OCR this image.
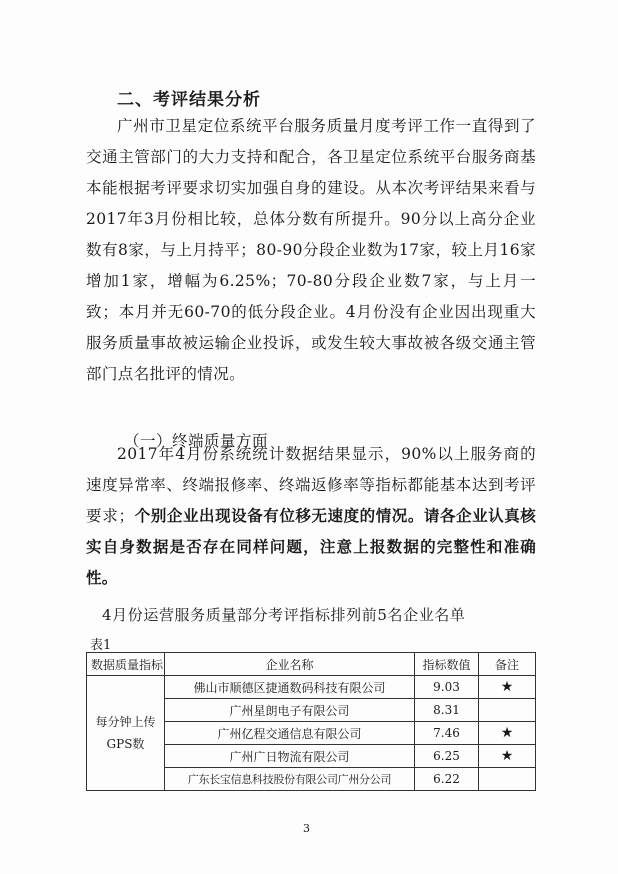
二、考评结果分析

广州市卫星定位系统平台服务质量月度考评工作一直得到了交通主管部门的大力支持和配合，各卫星定位系统平台服务商基本能根据考评要求切实加强自身的建设。从本次考评结果来看与2017年3月份相比较，总体分数有所提升。90分以上高分企业数有8家，与上月持平；80-90分段企业数为17家，较上月16家增加1家，增幅为6.25%；70-80分段企业数7家，与上月一致；本月并无60-70的低分段企业。4月份没有企业因出现重大服务质量事故被运输企业投诉，或发生较大事故被各级交通主管部门点名批评的情况。

（一）终端质量方面

2017年4月份系统统计数据结果显示，90%以上服务商的速度异常率、终端报修率、终端返修率等指标都能基本达到考评要求；个别企业出现设备有位移无速度的情况。请各企业认真核实自身数据是否存在同样问题，注意上报数据的完整性和准确性。

4月份运营服务质量部分考评指标排列前5名企业名单
表1
数据质量指标	企业名称	指标数值	备注

每分钟上传
GPS数	佛山市顺德区捷通数码科技有限公司	9.03	★
	广州星朗电子有限公司	8.31	
	广州亿程交通信息有限公司	7.46	★
	广州广日物流有限公司	6.25	★
	广东长宝信息科技股份有限公司广州分公司	6.22	
3
